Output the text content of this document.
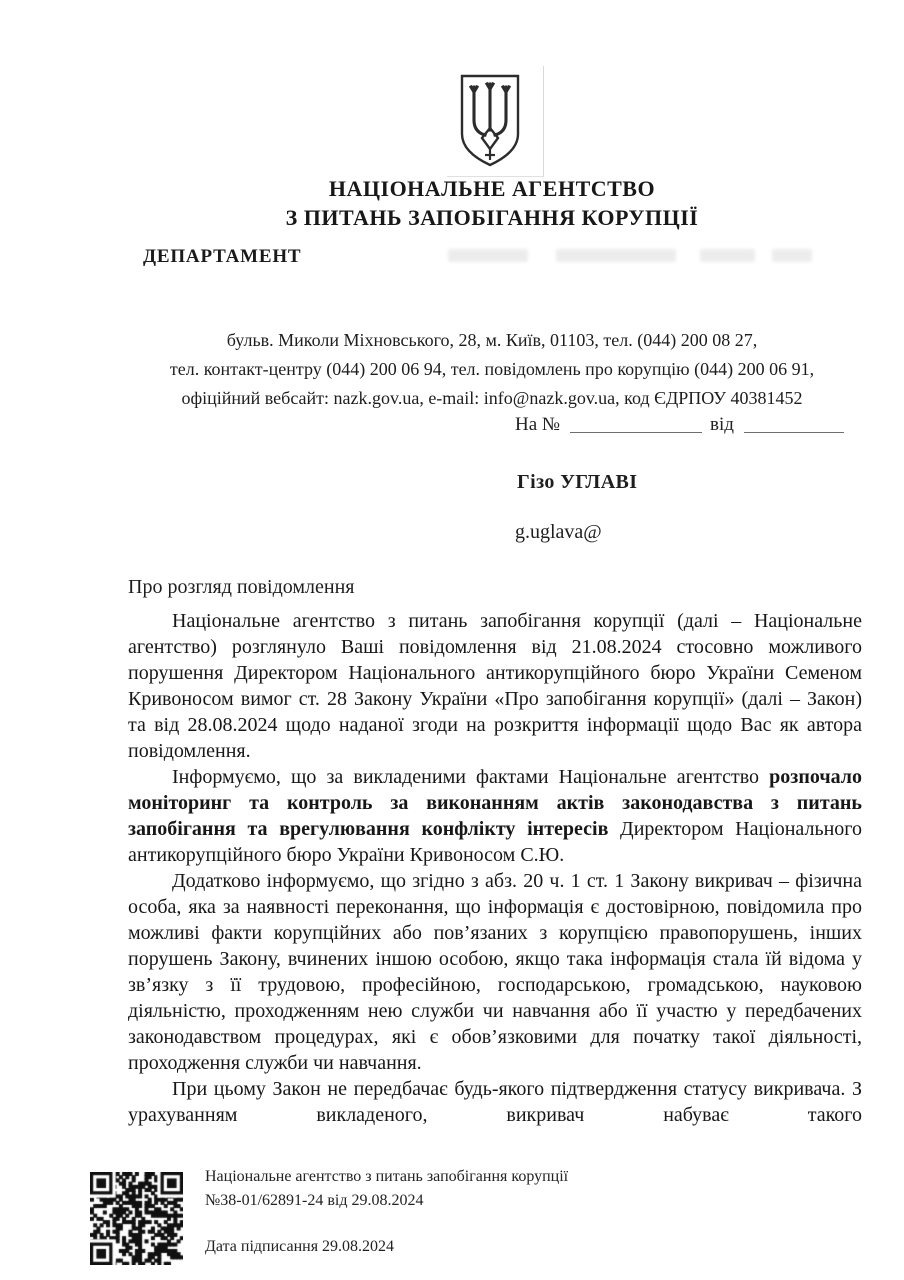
НАЦІОНАЛЬНЕ АГЕНТСТВО
З ПИТАНЬ ЗАПОБІГАННЯ КОРУПЦІЇ
ДЕПАРТАМЕНТ
бульв. Миколи Міхновського, 28, м. Київ, 01103, тел. (044) 200 08 27,
тел. контакт-центру (044) 200 06 94, тел. повідомлень про корупцію (044) 200 06 91,
офіційний вебсайт: nazk.gov.ua, e-mail: info@nazk.gov.ua, код ЄДРПОУ 40381452
На №	від
Гізо УГЛАВІ
g.uglava@
Про розгляд повідомлення

Національне агентство з питань запобігання корупції (далі – Національне агентство) розглянуло Ваші повідомлення від 21.08.2024 стосовно можливого порушення Директором Національного антикорупційного бюро України Семеном Кривоносом вимог ст. 28 Закону України «Про запобігання корупції» (далі – Закон) та від 28.08.2024 щодо наданої згоди на розкриття інформації щодо Вас як автора повідомлення.

Інформуємо, що за викладеними фактами Національне агентство розпочало моніторинг та контроль за виконанням актів законодавства з питань запобігання та врегулювання конфлікту інтересів Директором Національного антикорупційного бюро України Кривоносом С.Ю.

Додатково інформуємо, що згідно з абз. 20 ч. 1 ст. 1 Закону викривач – фізична особа, яка за наявності переконання, що інформація є достовірною, повідомила про можливі факти корупційних або пов’язаних з корупцією правопорушень, інших порушень Закону, вчинених іншою особою, якщо така інформація стала їй відома у зв’язку з її трудовою, професійною, господарською, громадською, науковою діяльністю, проходженням нею служби чи навчання або її участю у передбачених законодавством процедурах, які є обов’язковими для початку такої діяльності, проходження служби чи навчання.

При цьому Закон не передбачає будь-якого підтвердження статусу викривача. З урахуванням викладеного, викривач набуває такого

Національне агентство з питань запобігання корупції
№38-01/62891-24 від 29.08.2024
Дата підписання 29.08.2024
